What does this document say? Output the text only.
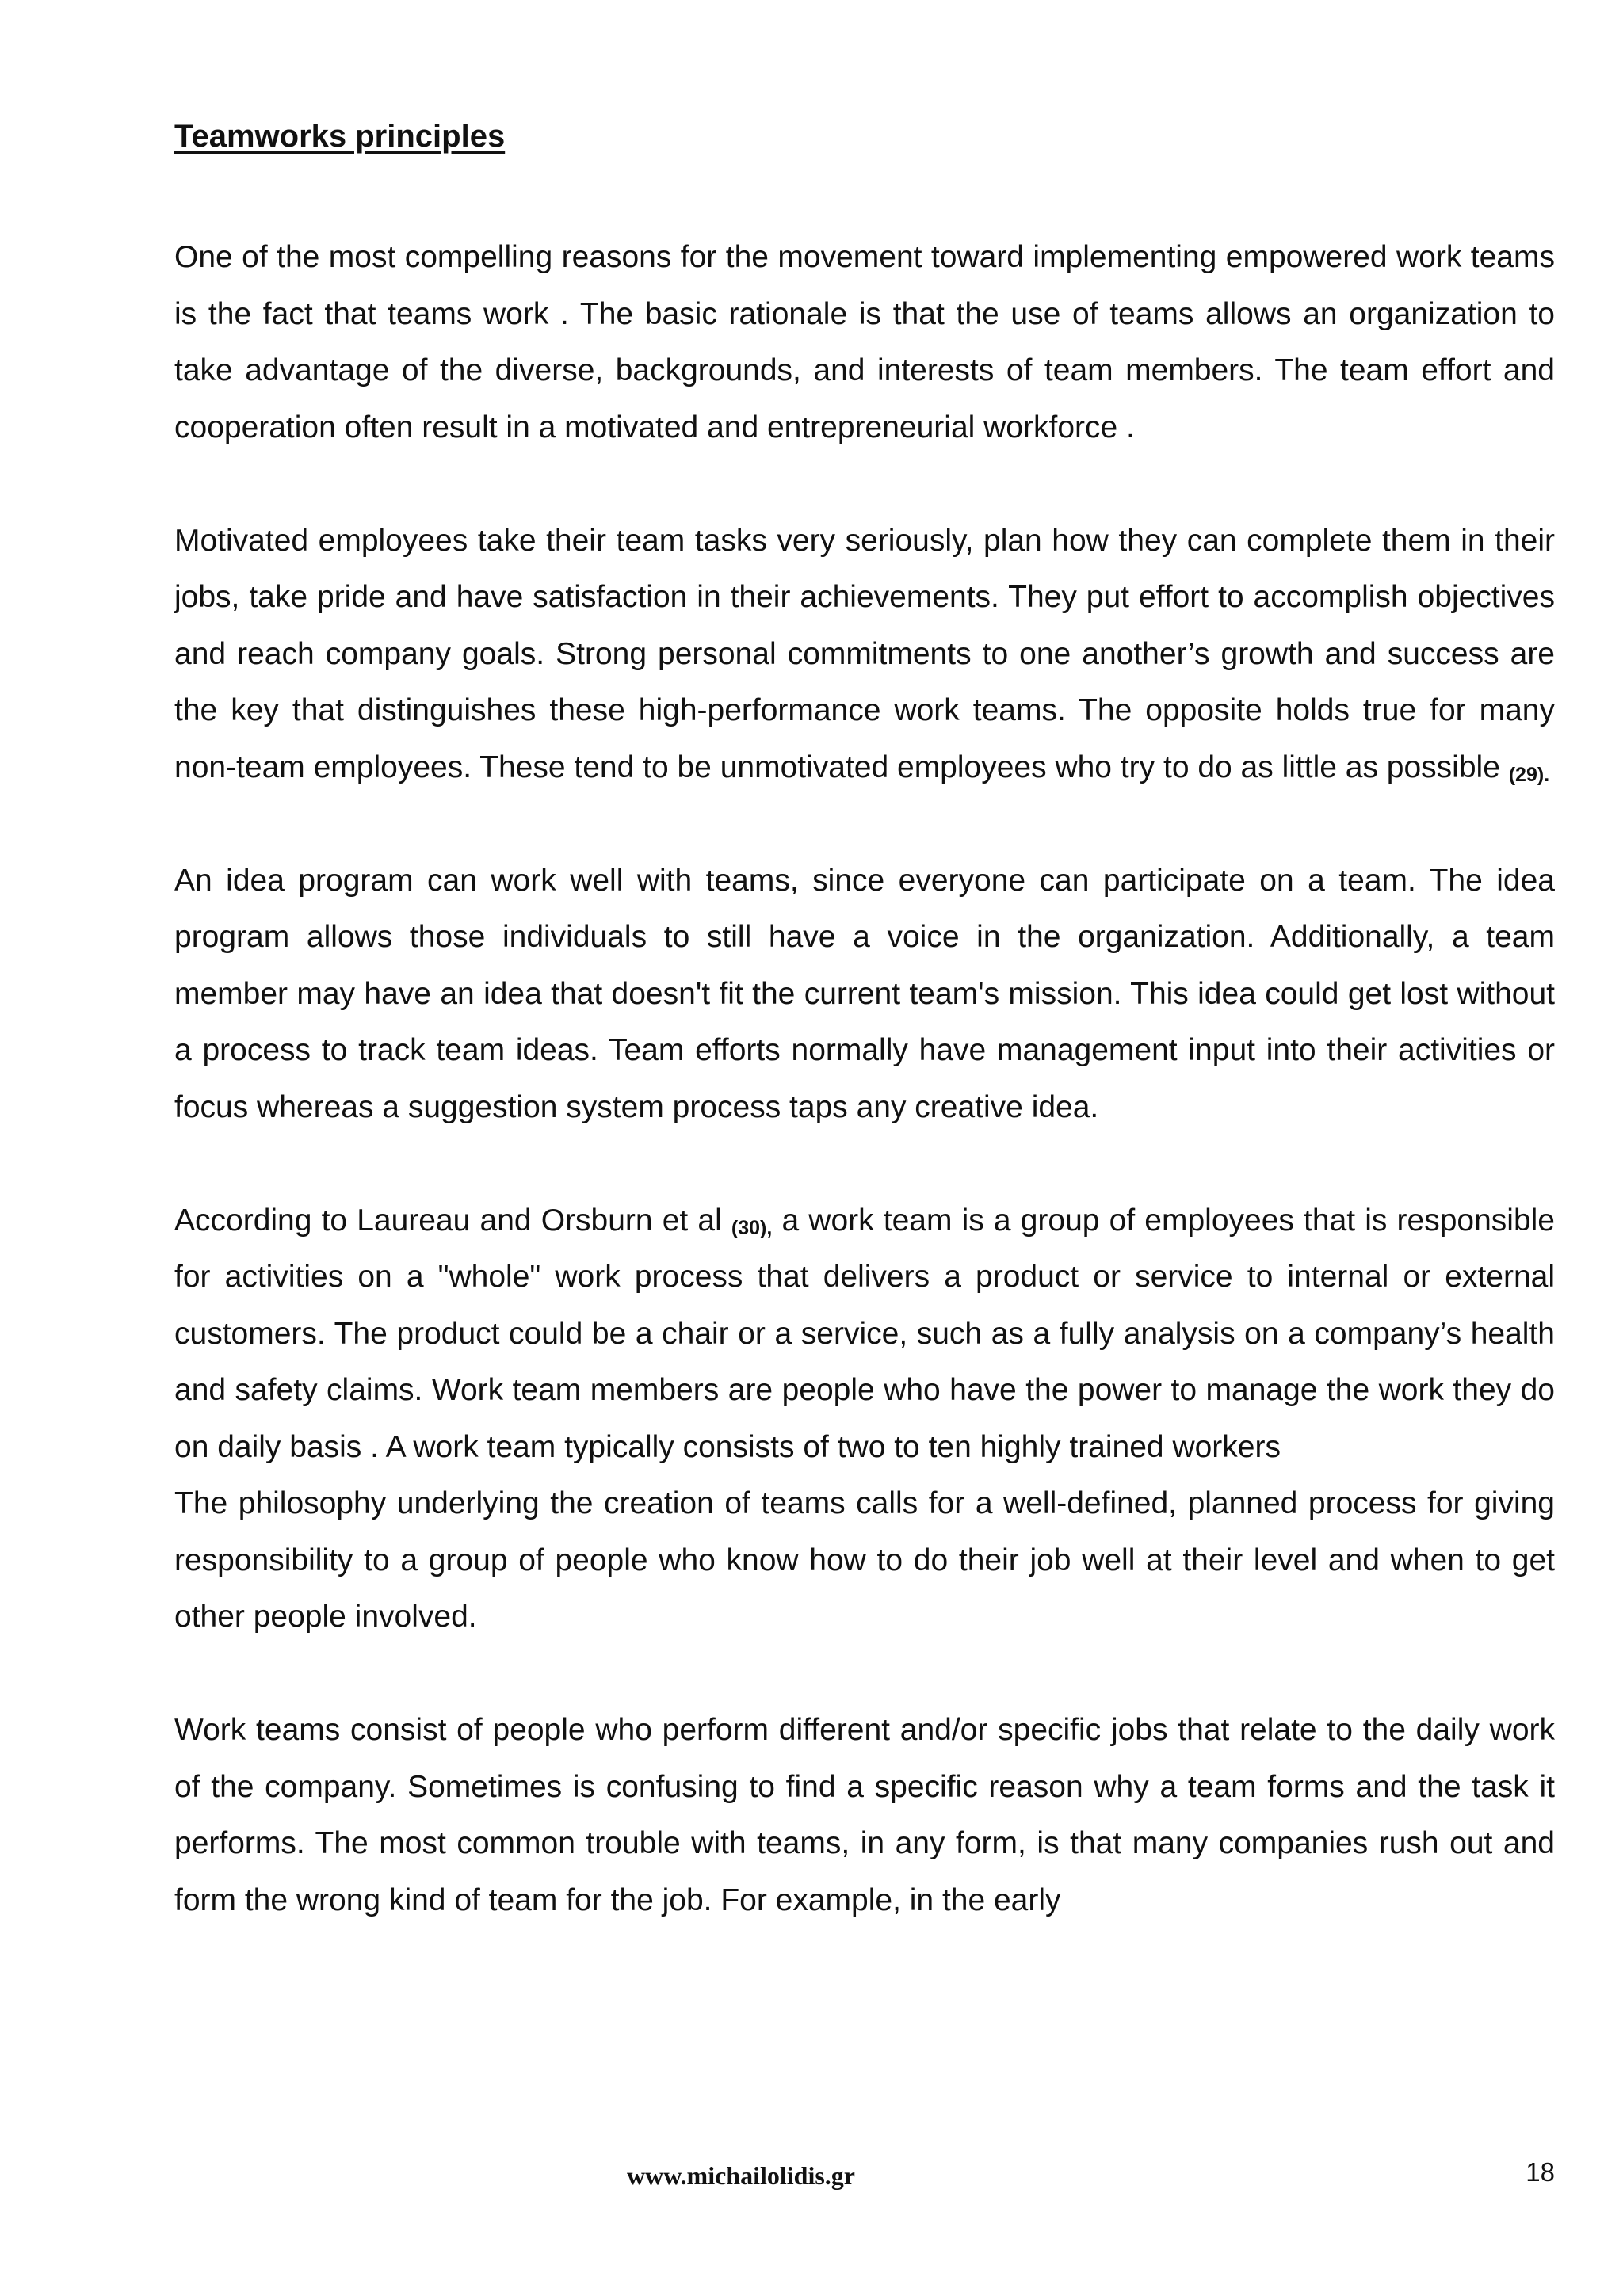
Teamworks principles

One of the most compelling reasons for the movement toward implementing empowered work teams is the fact that teams work . The basic rationale is that the use of teams allows an organization to take advantage of the diverse, backgrounds, and interests of team members. The team effort and cooperation often result in a motivated and entrepreneurial workforce .

Motivated employees take their team tasks very seriously, plan how they can complete them in their jobs, take pride and have satisfaction in their achievements. They put effort to accomplish objectives and reach company goals. Strong personal commitments to one another’s growth and success are the key that distinguishes these high-performance work teams. The opposite holds true for many non-team employees. These tend to be unmotivated employees who try to do as little as possible $_{(29).}$

An idea program can work well with teams, since everyone can participate on a team. The idea program allows those individuals to still have a voice in the organization. Additionally, a team member may have an idea that doesn't fit the current team's mission. This idea could get lost without a process to track team ideas. Team efforts normally have management input into their activities or focus whereas a suggestion system process taps any creative idea.

According to Laureau and Orsburn et al $_{(30),}$ a work team is a group of employees that is responsible for activities on a "whole" work process that delivers a product or service to internal or external customers. The product could be a chair or a service, such as a fully analysis on a company’s health and safety claims. Work team members are people who have the power to manage the work they do on daily basis . A work team typically consists of two to ten highly trained workers

The philosophy underlying the creation of teams calls for a well-defined, planned process for giving responsibility to a group of people who know how to do their job well at their level and when to get other people involved.

Work teams consist of people who perform different and/or specific jobs that relate to the daily work of the company. Sometimes is confusing to find a specific reason why a team forms and the task it performs. The most common trouble with teams, in any form, is that many companies rush out and form the wrong kind of team for the job. For example, in the early

www.michailolidis.gr	18
